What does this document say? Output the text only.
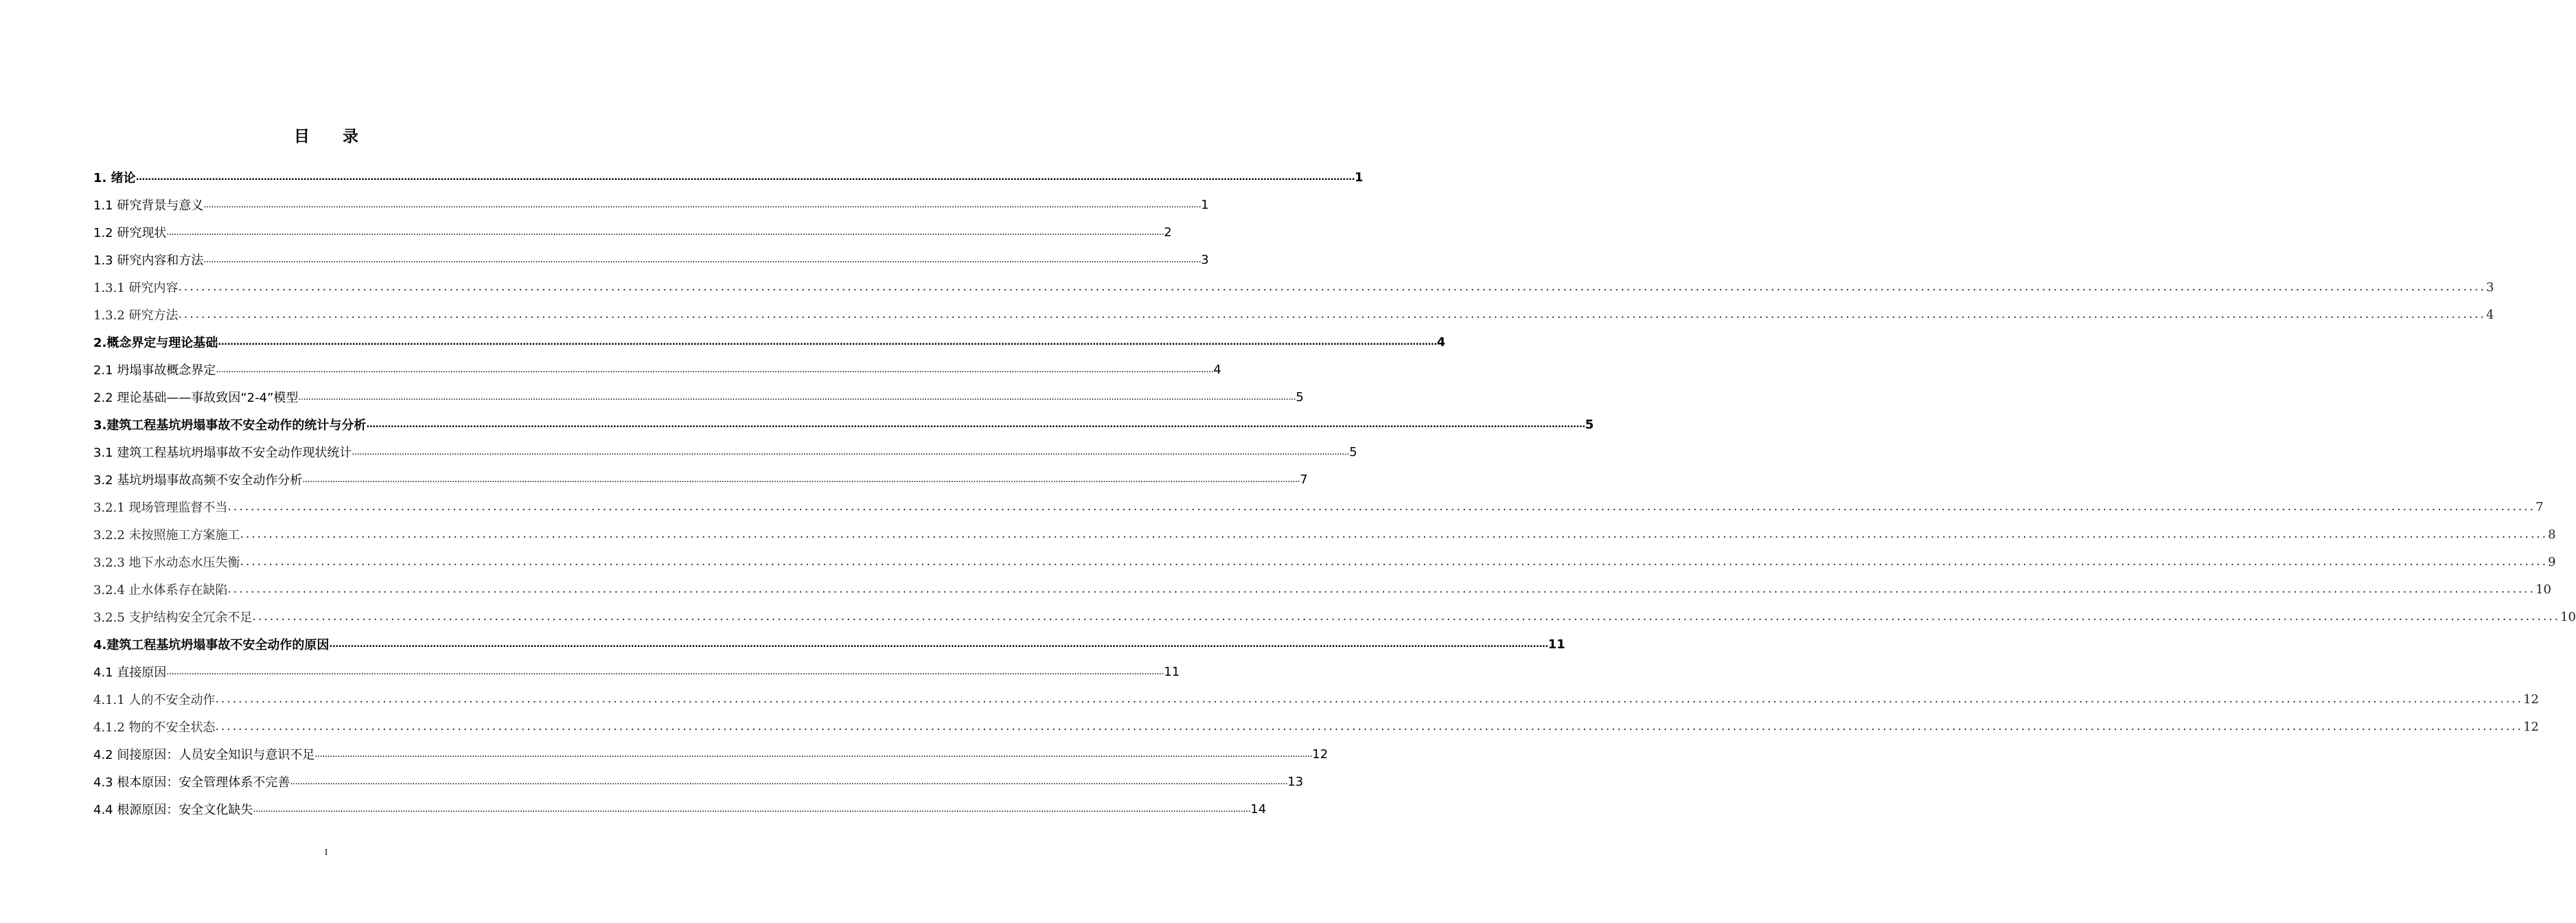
目 录
1. 绪论 ................................................................................................................................................................................................................................................................................................................................................................................................................ 1
1.1 研究背景与意义 ................................................................................................................................................................................................................................................................................................................................................................................................................ 1
1.2 研究现状 ................................................................................................................................................................................................................................................................................................................................................................................................................ 2
1.3 研究内容和方法 ................................................................................................................................................................................................................................................................................................................................................................................................................ 3
1.3.1 研究内容 ................................................................................................................................................................................................................................................................................................................................................................................................................ 3
1.3.2 研究方法 ................................................................................................................................................................................................................................................................................................................................................................................................................ 4
2.概念界定与理论基础 ................................................................................................................................................................................................................................................................................................................................................................................................................ 4
2.1 坍塌事故概念界定 ................................................................................................................................................................................................................................................................................................................................................................................................................ 4
2.2 理论基础——事故致因“2-4”模型 ................................................................................................................................................................................................................................................................................................................................................................................................................ 5
3.建筑工程基坑坍塌事故不安全动作的统计与分析 ................................................................................................................................................................................................................................................................................................................................................................................................................ 5
3.1 建筑工程基坑坍塌事故不安全动作现状统计 ................................................................................................................................................................................................................................................................................................................................................................................................................ 5
3.2 基坑坍塌事故高频不安全动作分析 ................................................................................................................................................................................................................................................................................................................................................................................................................ 7
3.2.1 现场管理监督不当 ................................................................................................................................................................................................................................................................................................................................................................................................................ 7
3.2.2 未按照施工方案施工 ................................................................................................................................................................................................................................................................................................................................................................................................................ 8
3.2.3 地下水动态水压失衡 ................................................................................................................................................................................................................................................................................................................................................................................................................ 9
3.2.4 止水体系存在缺陷 ................................................................................................................................................................................................................................................................................................................................................................................................................ 10
3.2.5 支护结构安全冗余不足 ................................................................................................................................................................................................................................................................................................................................................................................................................ 10
4.建筑工程基坑坍塌事故不安全动作的原因 ................................................................................................................................................................................................................................................................................................................................................................................................................ 11
4.1 直接原因 ................................................................................................................................................................................................................................................................................................................................................................................................................ 11
4.1.1 人的不安全动作 ................................................................................................................................................................................................................................................................................................................................................................................................................ 12
4.1.2 物的不安全状态 ................................................................................................................................................................................................................................................................................................................................................................................................................ 12
4.2 间接原因：人员安全知识与意识不足 ................................................................................................................................................................................................................................................................................................................................................................................................................ 12
4.3 根本原因：安全管理体系不完善 ................................................................................................................................................................................................................................................................................................................................................................................................................ 13
4.4 根源原因：安全文化缺失 ................................................................................................................................................................................................................................................................................................................................................................................................................ 14
I
